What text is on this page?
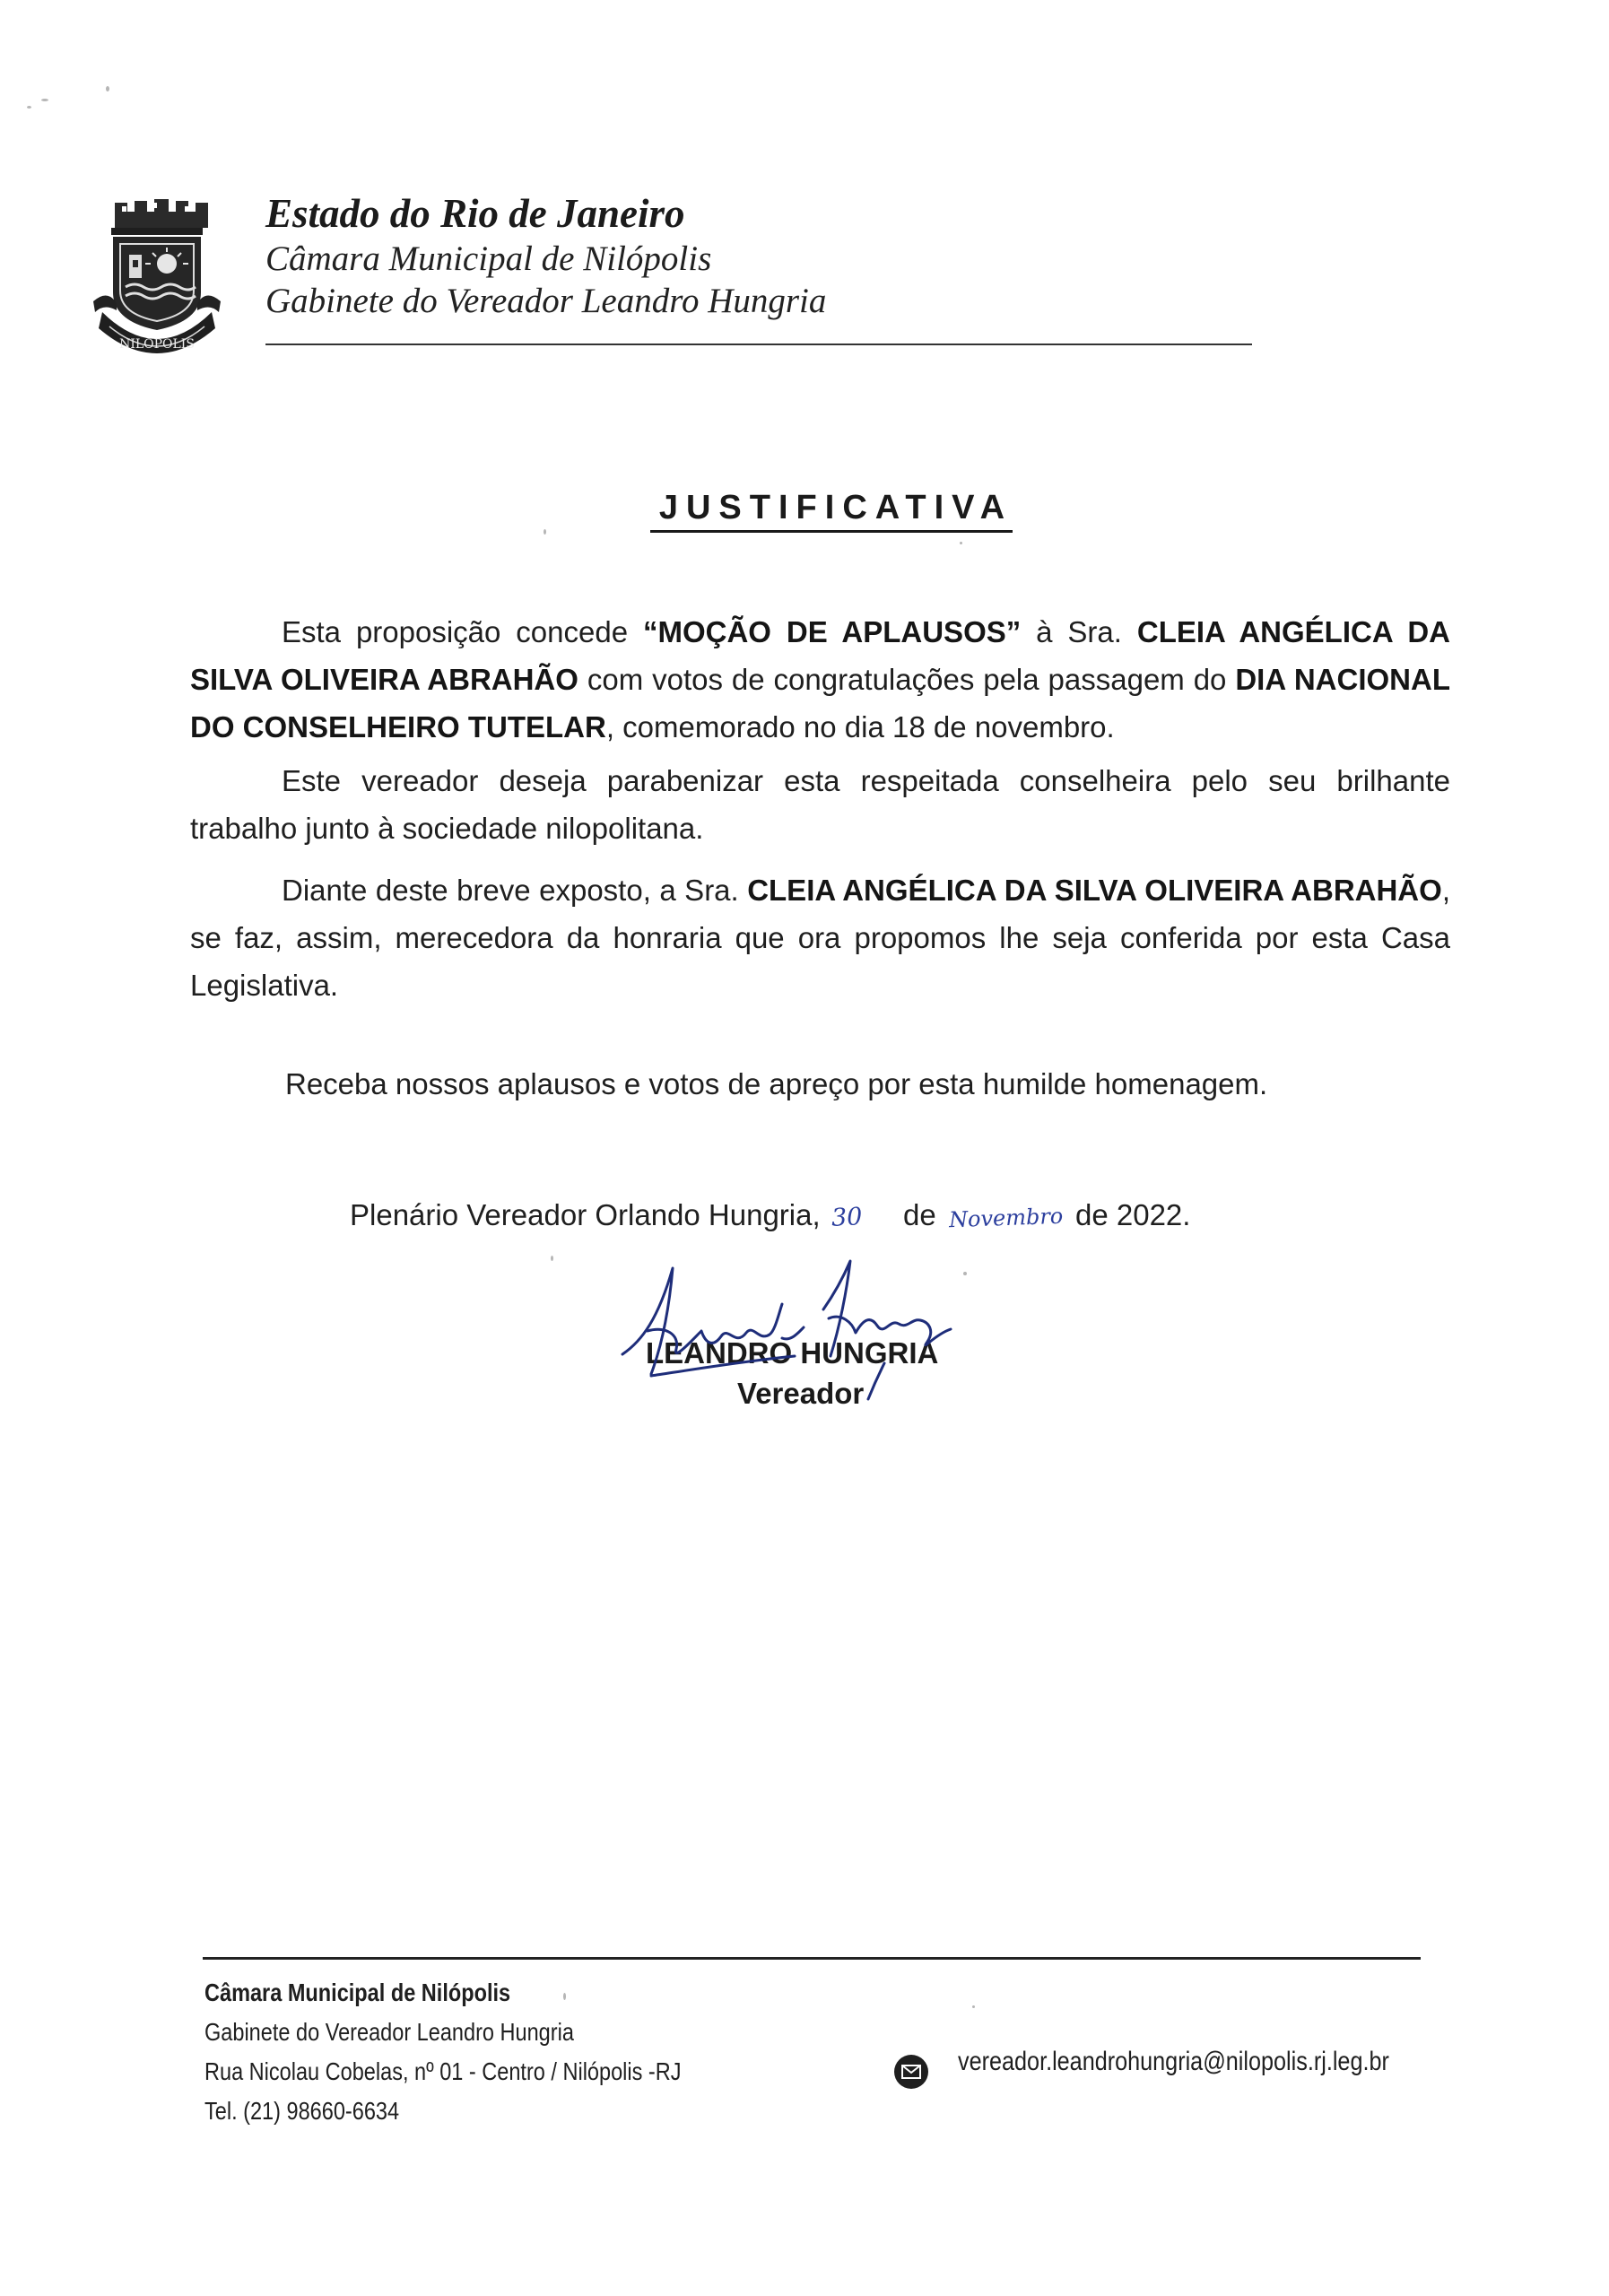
NILOPOLIS
Estado do Rio de Janeiro
Câmara Municipal de Nilópolis
Gabinete do Vereador Leandro Hungria
JUSTIFICATIVA
Esta proposição concede “MOÇÃO DE APLAUSOS” à Sra. CLEIA ANGÉLICA DA SILVA OLIVEIRA ABRAHÃO com votos de congratulações pela passagem do DIA NACIONAL DO CONSELHEIRO TUTELAR, comemorado no dia 18 de novembro.
Este vereador deseja parabenizar esta respeitada conselheira pelo seu brilhante trabalho junto à sociedade nilopolitana.
Diante deste breve exposto, a Sra. CLEIA ANGÉLICA DA SILVA OLIVEIRA ABRAHÃO, se faz, assim, merecedora da honraria que ora propomos lhe seja conferida por esta Casa Legislativa.
Receba nossos aplausos e votos de apreço por esta humilde homenagem.
Plenário Vereador Orlando Hungria, 30 de Novembro de 2022.
LEANDRO HUNGRIA
Vereador
Câmara Municipal de Nilópolis
Gabinete do Vereador Leandro Hungria
Rua Nicolau Cobelas, nº 01 - Centro / Nilópolis -RJ
Tel. (21) 98660-6634
vereador.leandrohungria@nilopolis.rj.leg.br
